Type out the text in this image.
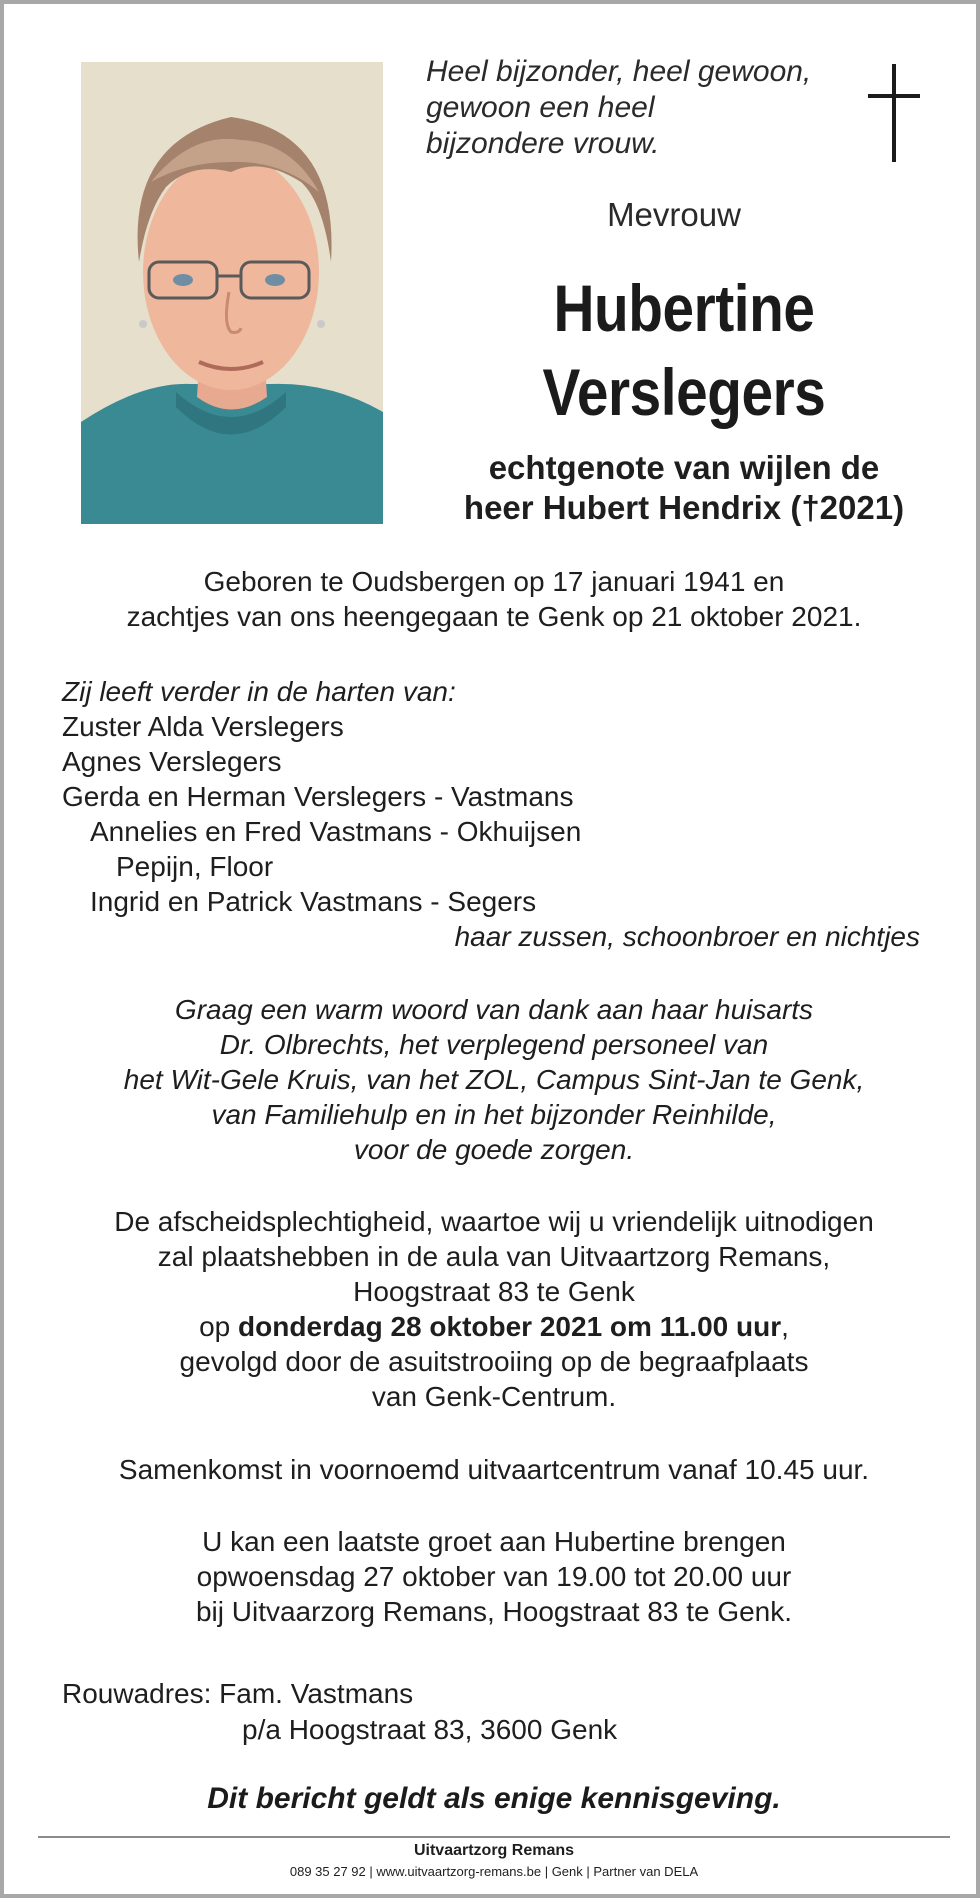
Heel bijzonder, heel gewoon,
gewoon een heel
bijzondere vrouw.
Mevrouw
Hubertine
Verslegers
echtgenote van wijlen de
heer Hubert Hendrix (†2021)
Geboren te Oudsbergen op 17 januari 1941 en
zachtjes van ons heengegaan te Genk op 21 oktober 2021.
Zij leeft verder in de harten van:
Zuster Alda Verslegers
Agnes Verslegers
Gerda en Herman Verslegers - Vastmans
Annelies en Fred Vastmans - Okhuijsen
Pepijn, Floor
Ingrid en Patrick Vastmans - Segers
haar zussen, schoonbroer en nichtjes
Graag een warm woord van dank aan haar huisarts
Dr. Olbrechts, het verplegend personeel van
het Wit-Gele Kruis, van het ZOL, Campus Sint-Jan te Genk,
van Familiehulp en in het bijzonder Reinhilde,
voor de goede zorgen.
De afscheidsplechtigheid, waartoe wij u vriendelijk uitnodigen
zal plaatshebben in de aula van Uitvaartzorg Remans,
Hoogstraat 83 te Genk
op donderdag 28 oktober 2021 om 11.00 uur,
gevolgd door de asuitstrooiing op de begraafplaats
van Genk-Centrum.
Samenkomst in voornoemd uitvaartcentrum vanaf 10.45 uur.
U kan een laatste groet aan Hubertine brengen
opwoensdag 27 oktober van 19.00 tot 20.00 uur
bij Uitvaarzorg Remans, Hoogstraat 83 te Genk.
Rouwadres: Fam. Vastmans
p/a Hoogstraat 83, 3600 Genk
Dit bericht geldt als enige kennisgeving.
Uitvaartzorg Remans
089 35 27 92 | www.uitvaartzorg-remans.be | Genk | Partner van DELA
